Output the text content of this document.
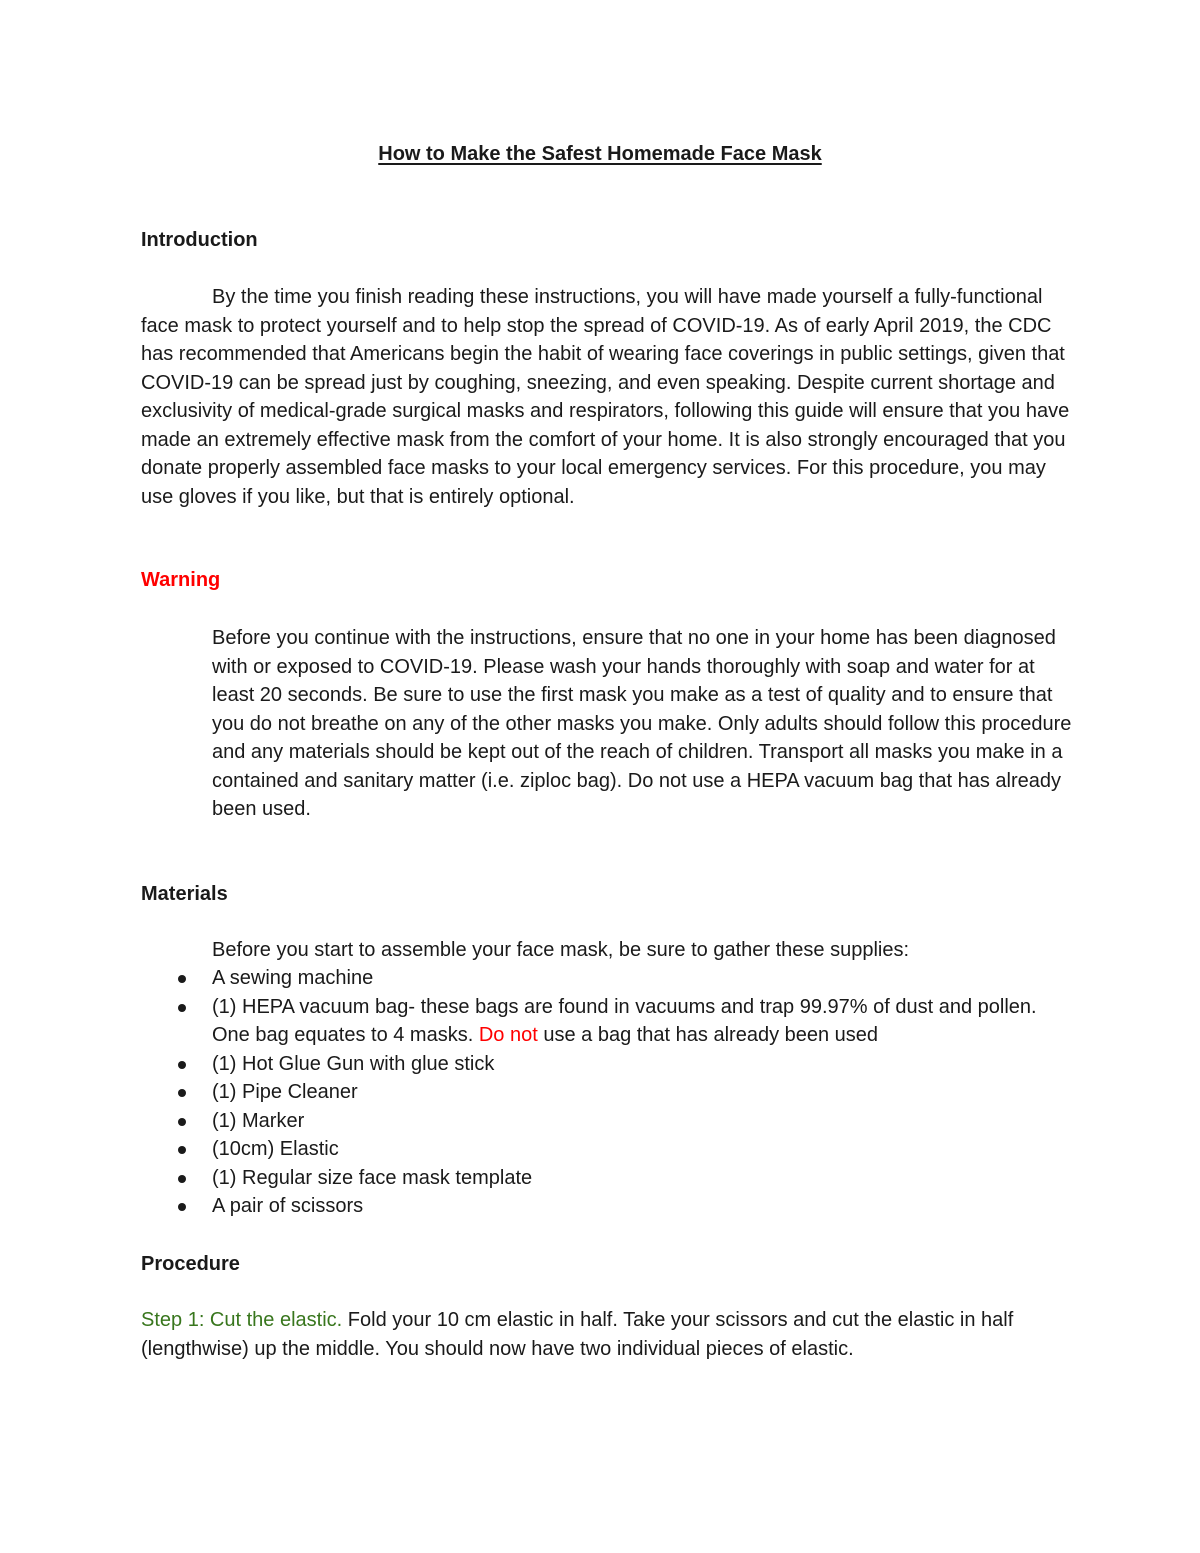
How to Make the Safest Homemade Face Mask
Introduction

By the time you finish reading these instructions, you will have made yourself a fully-functional face mask to protect yourself and to help stop the spread of COVID-19. As of early April 2019, the CDC has recommended that Americans begin the habit of wearing face coverings in public settings, given that COVID-19 can be spread just by coughing, sneezing, and even speaking. Despite current shortage and exclusivity of medical-grade surgical masks and respirators, following this guide will ensure that you have made an extremely effective mask from the comfort of your home. It is also strongly encouraged that you donate properly assembled face masks to your local emergency services. For this procedure, you may use gloves if you like, but that is entirely optional.

Warning

Before you continue with the instructions, ensure that no one in your home has been diagnosed with or exposed to COVID-19. Please wash your hands thoroughly with soap and water for at least 20 seconds. Be sure to use the first mask you make as a test of quality and to ensure that you do not breathe on any of the other masks you make. Only adults should follow this procedure and any materials should be kept out of the reach of children. Transport all masks you make in a contained and sanitary matter (i.e. ziploc bag). Do not use a HEPA vacuum bag that has already been used.

Materials

Before you start to assemble your face mask, be sure to gather these supplies:

A sewing machine
(1) HEPA vacuum bag- these bags are found in vacuums and trap 99.97% of dust and pollen. One bag equates to 4 masks. Do not use a bag that has already been used
(1) Hot Glue Gun with glue stick
(1) Pipe Cleaner
(1) Marker
(10cm) Elastic
(1) Regular size face mask template
A pair of scissors
Procedure

Step 1: Cut the elastic. Fold your 10 cm elastic in half. Take your scissors and cut the elastic in half (lengthwise) up the middle. You should now have two individual pieces of elastic.
